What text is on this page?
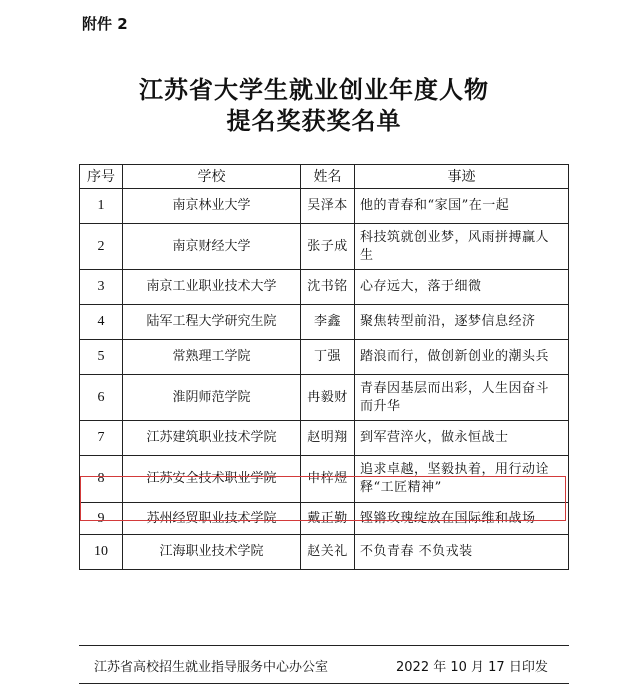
附件 2
江苏省大学生就业创业年度人物
提名奖获奖名单
序号	学校	姓名	事迹
1	南京林业大学	吴泽本	他的青春和“家国”在一起
2	南京财经大学	张子成	科技筑就创业梦，风雨拼搏赢人生
3	南京工业职业技术大学	沈书铭	心存远大，落于细微
4	陆军工程大学研究生院	李鑫	聚焦转型前沿，逐梦信息经济
5	常熟理工学院	丁强	踏浪而行，做创新创业的潮头兵
6	淮阴师范学院	冉毅财	青春因基层而出彩，人生因奋斗而升华
7	江苏建筑职业技术学院	赵明翔	到军营淬火，做永恒战士
8	江苏安全技术职业学院	申梓煜	追求卓越，坚毅执着，用行动诠释“工匠精神”
9	苏州经贸职业技术学院	戴正勤	铿锵玫瑰绽放在国际维和战场
10	江海职业技术学院	赵关礼	不负青春 不负戎装
江苏省高校招生就业指导服务中心办公室	2022 年 10 月 17 日印发
